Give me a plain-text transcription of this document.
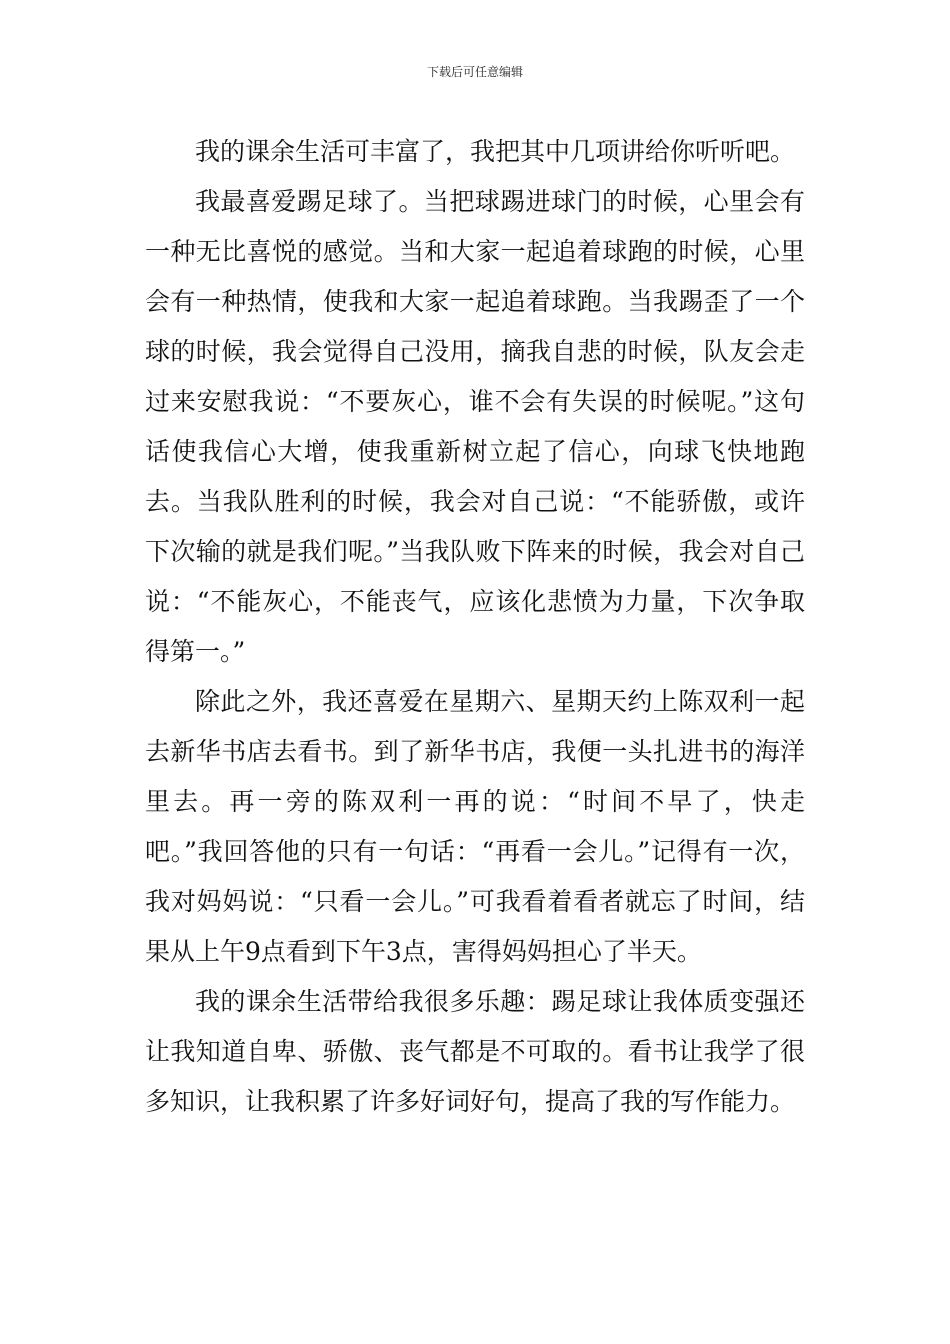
下载后可任意编辑

我的课余生活可丰富了，我把其中几项讲给你听听吧。

我最喜爱踢足球了。当把球踢进球门的时候，心里会有一种无比喜悦的感觉。当和大家一起追着球跑的时候，心里会有一种热情，使我和大家一起追着球跑。当我踢歪了一个球的时候，我会觉得自己没用，摘我自悲的时候，队友会走过来安慰我说：“不要灰心，谁不会有失误的时候呢。”这句话使我信心大增，使我重新树立起了信心，向球飞快地跑去。当我队胜利的时候，我会对自己说：“不能骄傲，或许下次输的就是我们呢。”当我队败下阵来的时候，我会对自己说：“不能灰心，不能丧气，应该化悲愤为力量，下次争取得第一。”

除此之外，我还喜爱在星期六、星期天约上陈双利一起去新华书店去看书。到了新华书店，我便一头扎进书的海洋里去。再一旁的陈双利一再的说：“时间不早了，快走吧。”我回答他的只有一句话：“再看一会儿。”记得有一次，我对妈妈说：“只看一会儿。”可我看着看者就忘了时间，结果从上午9点看到下午3点，害得妈妈担心了半天。

我的课余生活带给我很多乐趣：踢足球让我体质变强还让我知道自卑、骄傲、丧气都是不可取的。看书让我学了很多知识，让我积累了许多好词好句，提高了我的写作能力。
